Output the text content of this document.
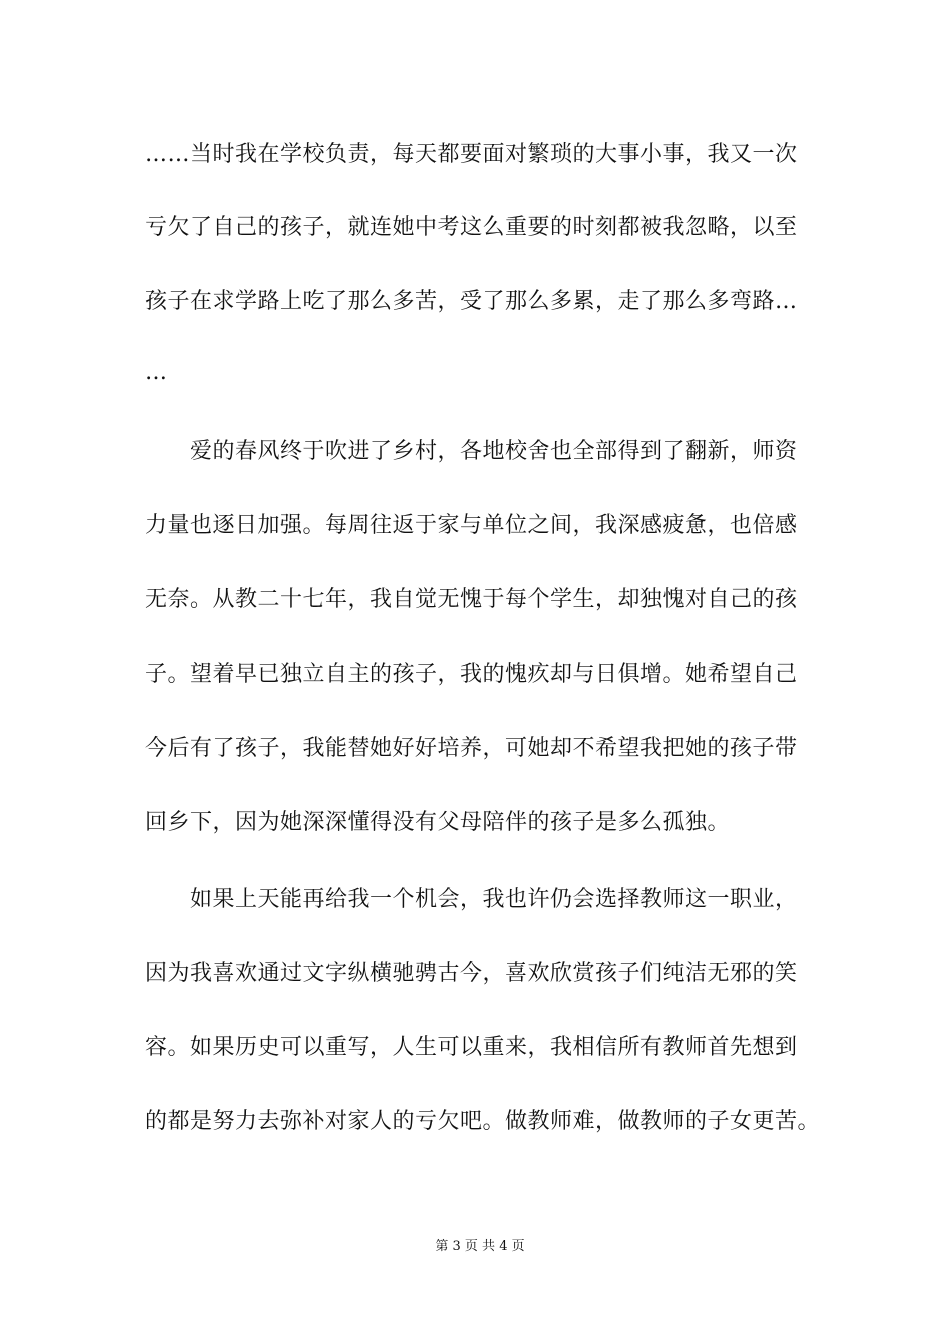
……当时我在学校负责，每天都要面对繁琐的大事小事，我又一次
亏欠了自己的孩子，就连她中考这么重要的时刻都被我忽略，以至
孩子在求学路上吃了那么多苦，受了那么多累，走了那么多弯路…
…
爱的春风终于吹进了乡村，各地校舍也全部得到了翻新，师资
力量也逐日加强。每周往返于家与单位之间，我深感疲惫，也倍感
无奈。从教二十七年，我自觉无愧于每个学生，却独愧对自己的孩
子。望着早已独立自主的孩子，我的愧疚却与日俱增。她希望自己
今后有了孩子，我能替她好好培养，可她却不希望我把她的孩子带
回乡下，因为她深深懂得没有父母陪伴的孩子是多么孤独。
如果上天能再给我一个机会，我也许仍会选择教师这一职业，
因为我喜欢通过文字纵横驰骋古今，喜欢欣赏孩子们纯洁无邪的笑
容。如果历史可以重写，人生可以重来，我相信所有教师首先想到
的都是努力去弥补对家人的亏欠吧。做教师难，做教师的子女更苦。
第 3 页 共 4 页
